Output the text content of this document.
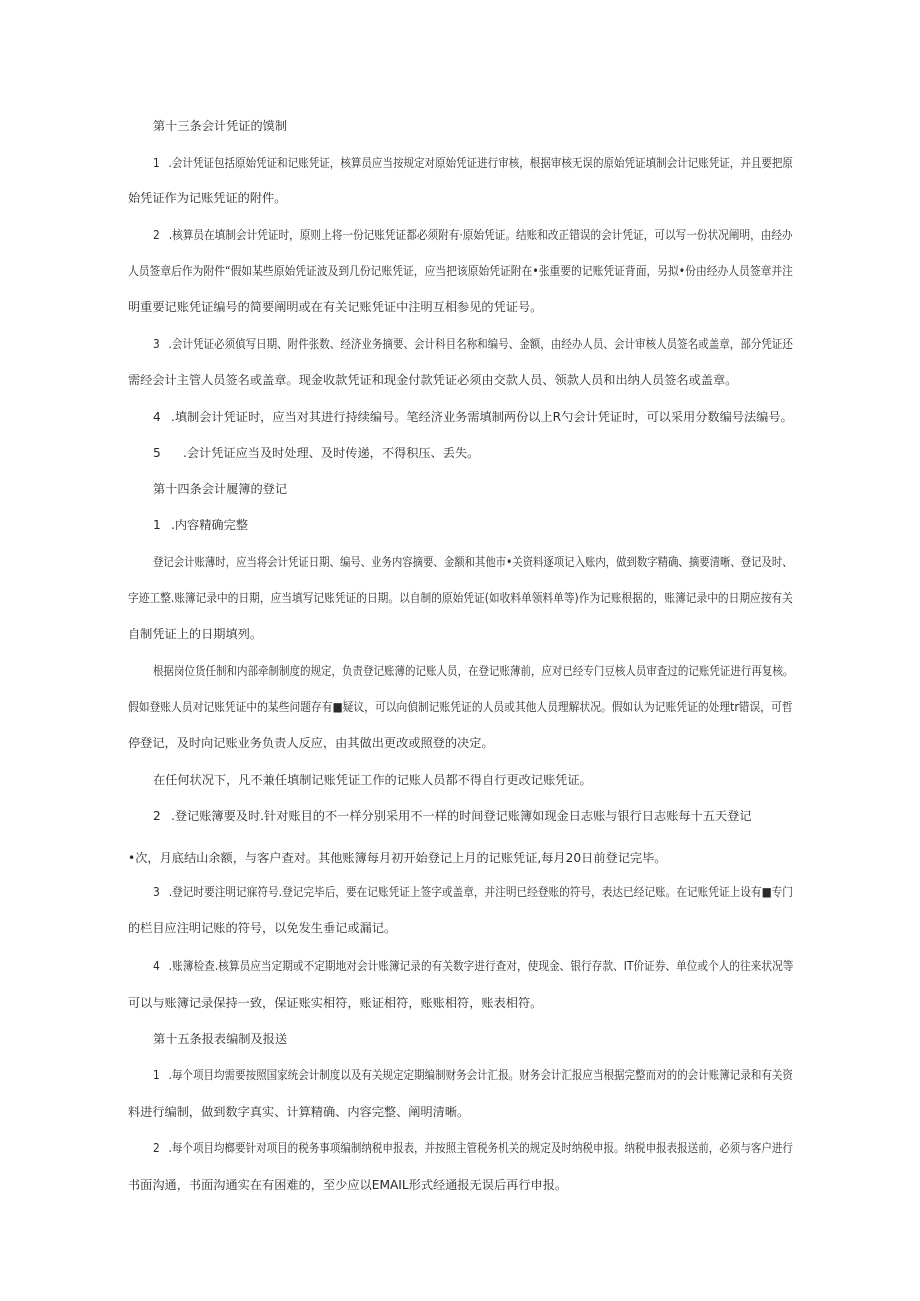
第十三条会计凭证的馍制
1 .会计凭证包括原始凭证和记账凭证，核算员应当按规定对原始凭证进行审核，根据审核无误的原始凭证填制会计记账凭证，并且要把原
始凭证作为记账凭证的附件。
2 .核算员在填制会计凭证时，原则上将一份记账凭证都必须附有·原始凭证。结账和改正错误的会计凭证，可以写一份状况阐明，由经办
人员签章后作为附件“假如某些原始凭证波及到几份记账凭证，应当把该原始凭证附在•张重要的记账凭证背面，另拟•份由经办人员签章并注
明重要记账凭证编号的简要阐明或在有关记账凭证中注明互相参见的凭证号。
3 .会计凭证必须偵写日期、附件张数、经济业务摘要、会计科目名称和编号、金额，由经办人员、会计审核人员签名或盖章，部分凭证还
需经会计主管人员签名或盖章。现金收款凭证和现金付款凭证必须由交款人员、领款人员和出纳人员签名或盖章。
4 .填制会计凭证时，应当对其进行持续编号。笔经济业务需填制两份以上R勺会计凭证时，可以采用分数编号法编号。
5 .会计凭证应当及时处理、及时传递，不得积压、丢失。
第十四条会计履簿的登记
1 .内容精确完整
登记会计账薄时，应当将会计凭证日期、编号、业务内容摘要、金额和其他市•关资料逐项记入账内，做到数字精确、摘要清晰、登记及时、
字迹工整.账簿记录中的日期，应当填写记账凭证的日期。以自制的原始凭证(如收料单领料单等)作为记账根据的，账簿记录中的日期应按有关
自制凭证上的日期填列。
根据岗位货任制和内部牵制制度的规定，负责登记账薄的记账人员，在登记账薄前，应对已经专门豆核人员审査过的记账凭证进行再复核。
假如登账人员对记账凭证中的某些问题存有■疑议，可以向偵制记账凭证的人员或其他人员理解状况。假如认为记账凭证的处理tr错误，可哲
停登记，及时向记账业务负责人反应，由其做出更改或照登的决定。
在任何状况下，凡不兼任填制记账凭证工作的记账人员都不得自行更改记账凭证。
2 .登记账簿要及时.针对账目的不一样分别采用不一样的时间登记账簿如现金日志账与银行日志账每十五天登记
•次，月底结山余额，与客户查对。其他账簿每月初开始登记上月的记账凭证,每月20日前登记完毕。
3 .登记时要注明记寐符号.登记完毕后，要在记账凭证上签字或盖章，并注明已经登账的符号，表达已经记账。在记账凭证上设有■专门
的栏目应注明记账的符号，以免发生垂记或漏记。
4 .账簿检查.核算员应当定期或不定期地对会计账簿记录的有关数字进行查对，使现金、银行存款、IT价证券、单位或个人的往来状况等
可以与账簿记录保持一致，保证账实相符，账证相符，账账相符，账表相符。
第十五条报表编制及报送
1 .毎个项目均需要按照国家统会计制度以及有关规定定期编制财务会计汇报。财务会计汇报应当根据完整而对的的会计账簿记录和有关资
料进行编制，做到数字真实、计算精确、内容完整、阐明清晰。
2 .每个项目均榔要针对项目的税务事项编制纳税申报表，并按照主管税务机关的规定及时纳税申报。纳税申报表报送前，必须与客户进行
书面沟通，书面沟通实在有困难的，至少应以EMAIL形式经通报无误后再行申报。
